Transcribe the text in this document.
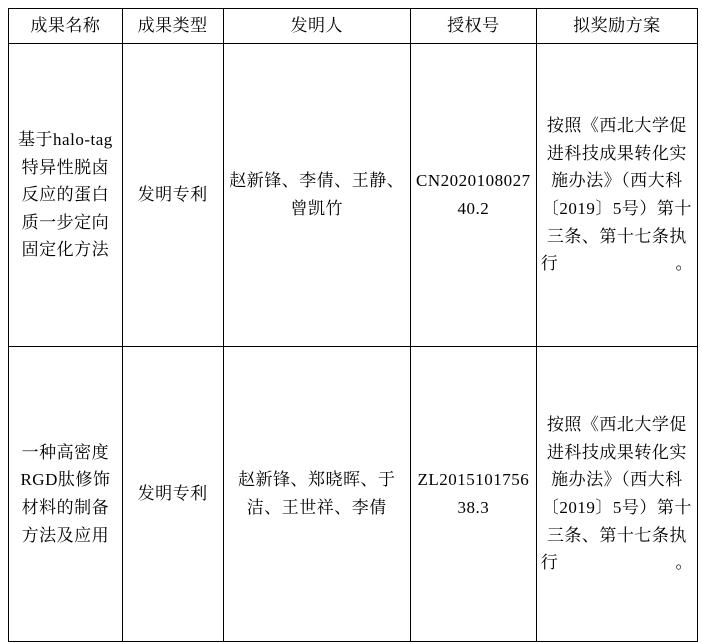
成果名称	成果类型	发明人	授权号	拟奖励方案
基于halo-tag特异性脱卤反应的蛋白质一步定向固定化方法	发明专利	赵新锋、李倩、王静、曾凯竹	CN202010802740.2	按照《西北大学促进科技成果转化实施办法》（西大科〔2019〕5号）第十三条、第十七条执行。
一种高密度RGD肽修饰材料的制备方法及应用	发明专利	赵新锋、郑晓晖、于洁、王世祥、李倩	ZL201510175638.3	按照《西北大学促进科技成果转化实施办法》（西大科〔2019〕5号）第十三条、第十七条执行。
